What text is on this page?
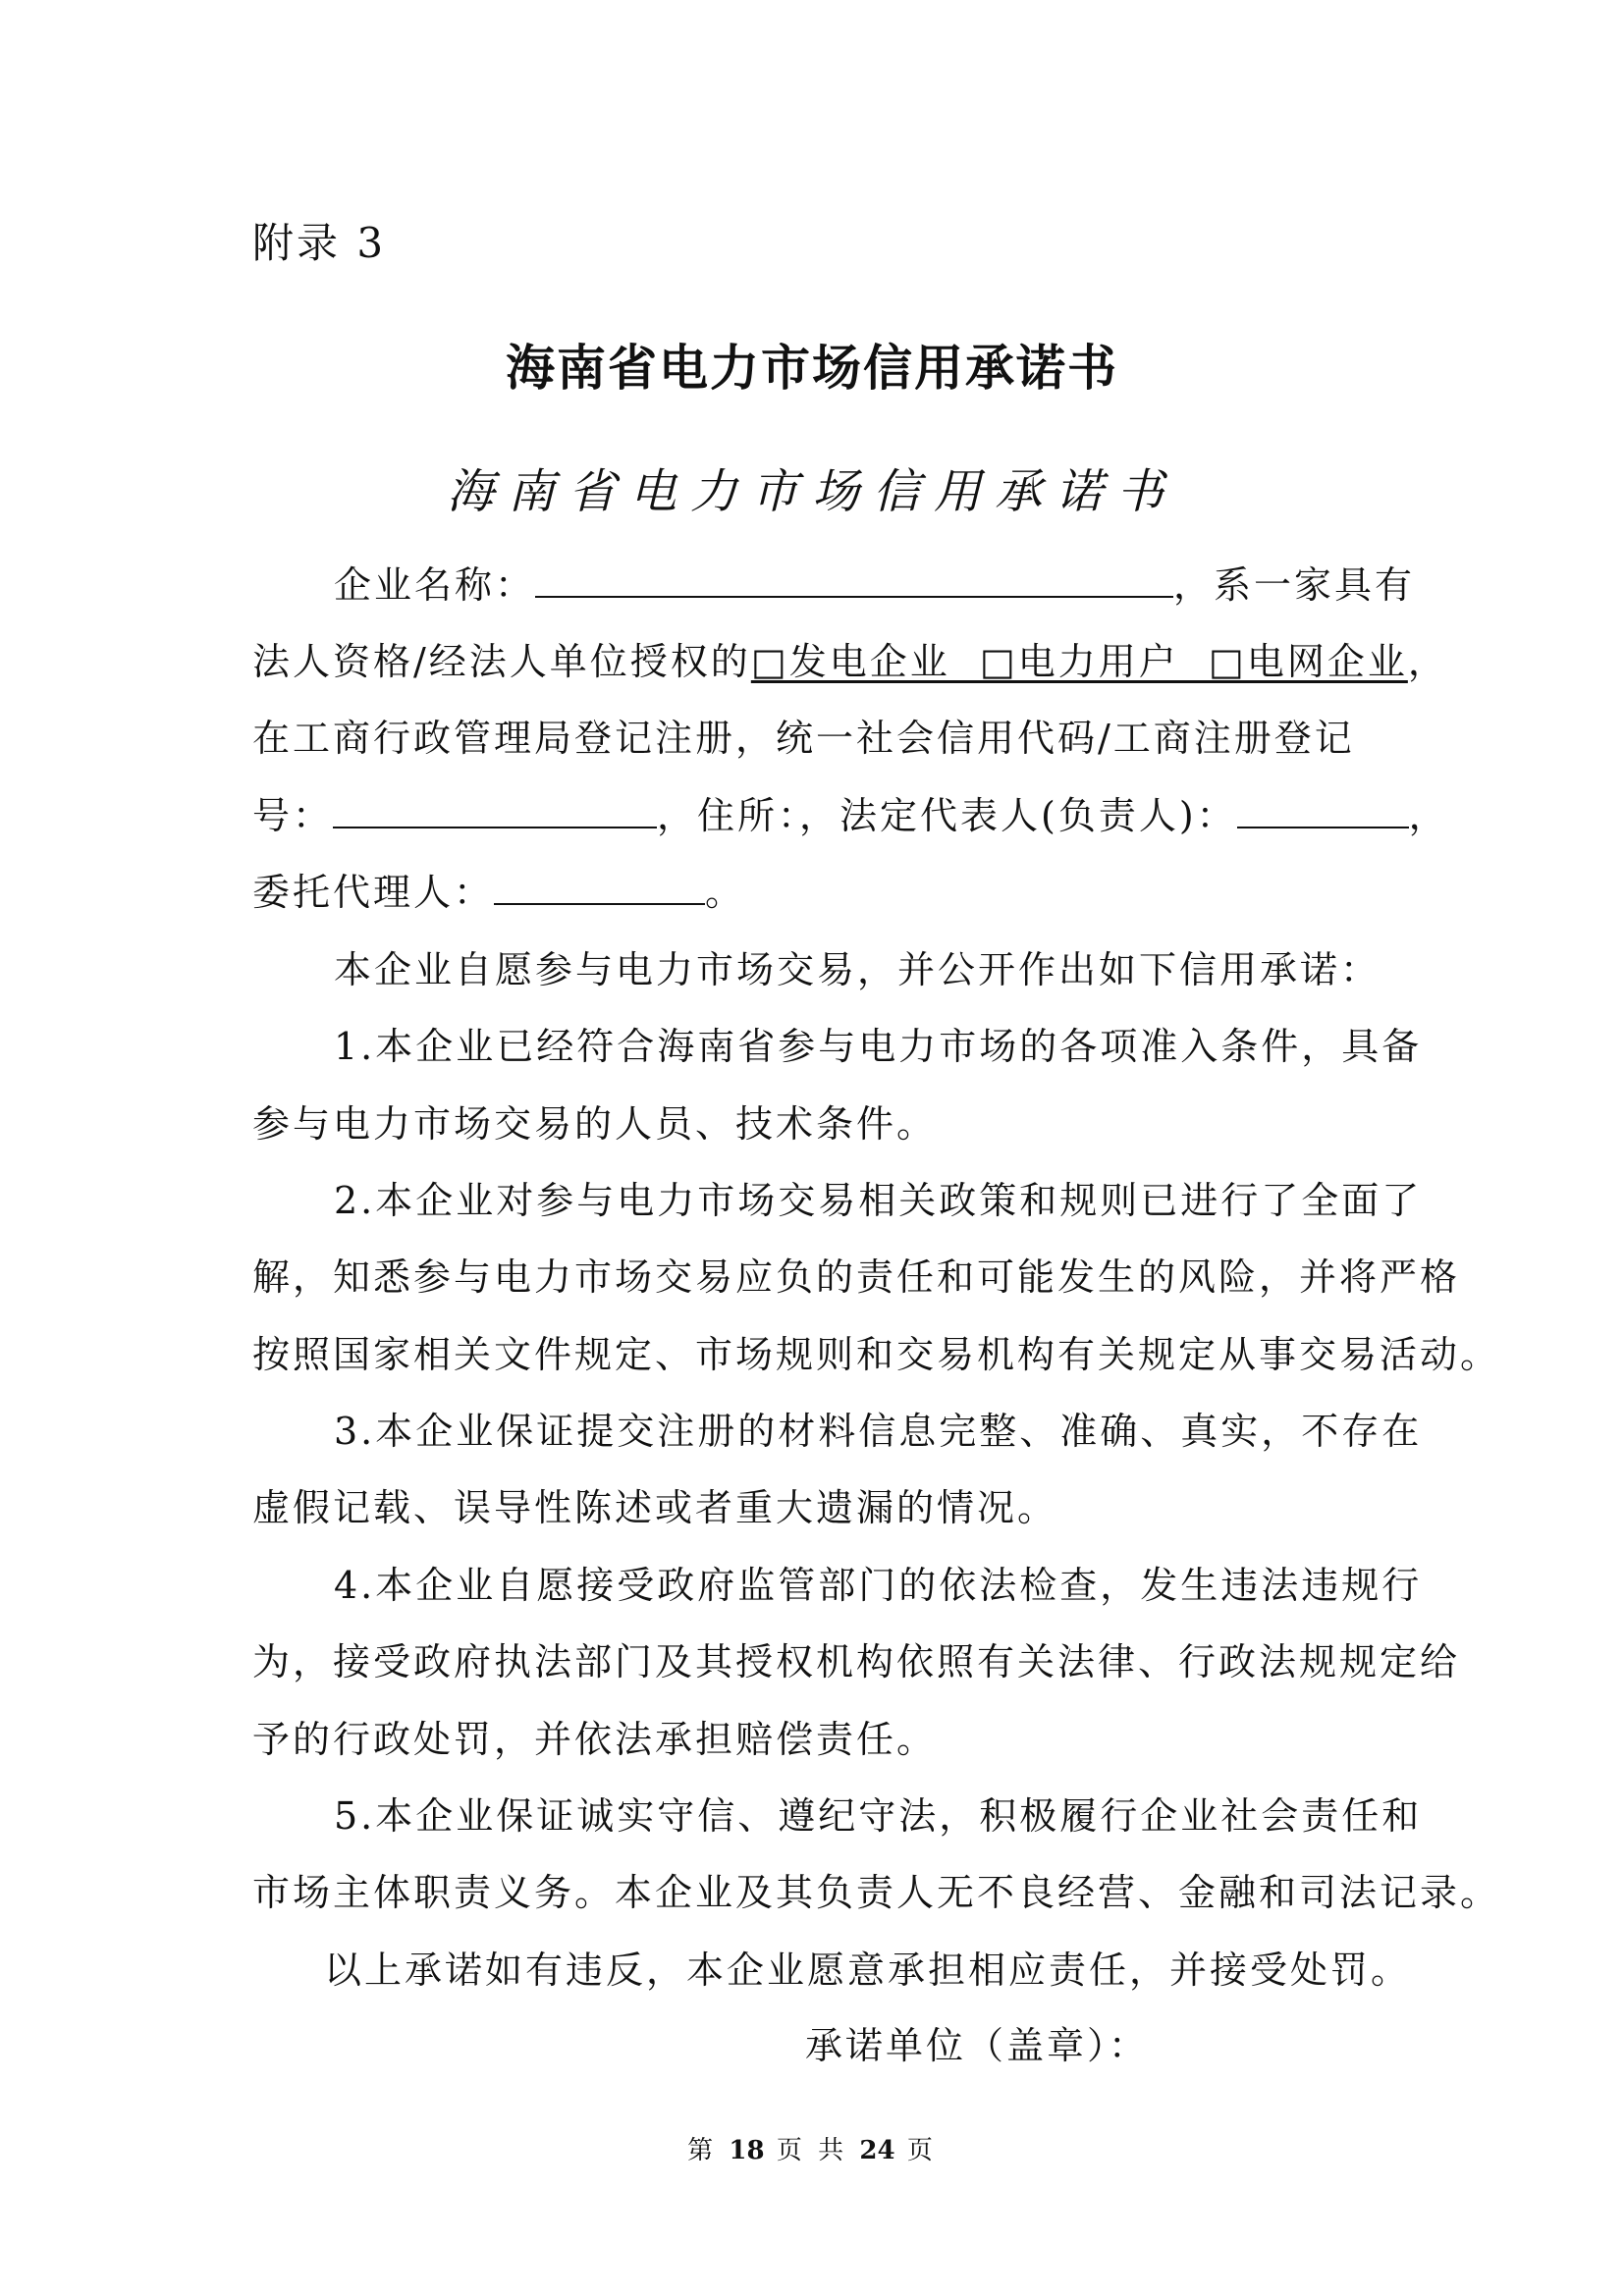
附录 3
海南省电力市场信用承诺书
海南省电力市场信用承诺书
企业名称：	，系一家具有
法人资格/经法人单位授权的□发电企业  □电力用户  □电网企业，
在工商行政管理局登记注册，统一社会信用代码/工商注册登记
号：	，住所：，法定代表人(负责人)：	，
委托代理人：	。
本企业自愿参与电力市场交易，并公开作出如下信用承诺：
1.本企业已经符合海南省参与电力市场的各项准入条件，具备
参与电力市场交易的人员、技术条件。
2.本企业对参与电力市场交易相关政策和规则已进行了全面了
解，知悉参与电力市场交易应负的责任和可能发生的风险，并将严格
按照国家相关文件规定、市场规则和交易机构有关规定从事交易活动。
3.本企业保证提交注册的材料信息完整、准确、真实，不存在
虚假记载、误导性陈述或者重大遗漏的情况。
4.本企业自愿接受政府监管部门的依法检查，发生违法违规行
为，接受政府执法部门及其授权机构依照有关法律、行政法规规定给
予的行政处罚，并依法承担赔偿责任。
5.本企业保证诚实守信、遵纪守法，积极履行企业社会责任和
市场主体职责义务。本企业及其负责人无不良经营、金融和司法记录。
以上承诺如有违反，本企业愿意承担相应责任，并接受处罚。
承诺单位（盖章）：
第 18 页 共 24 页
